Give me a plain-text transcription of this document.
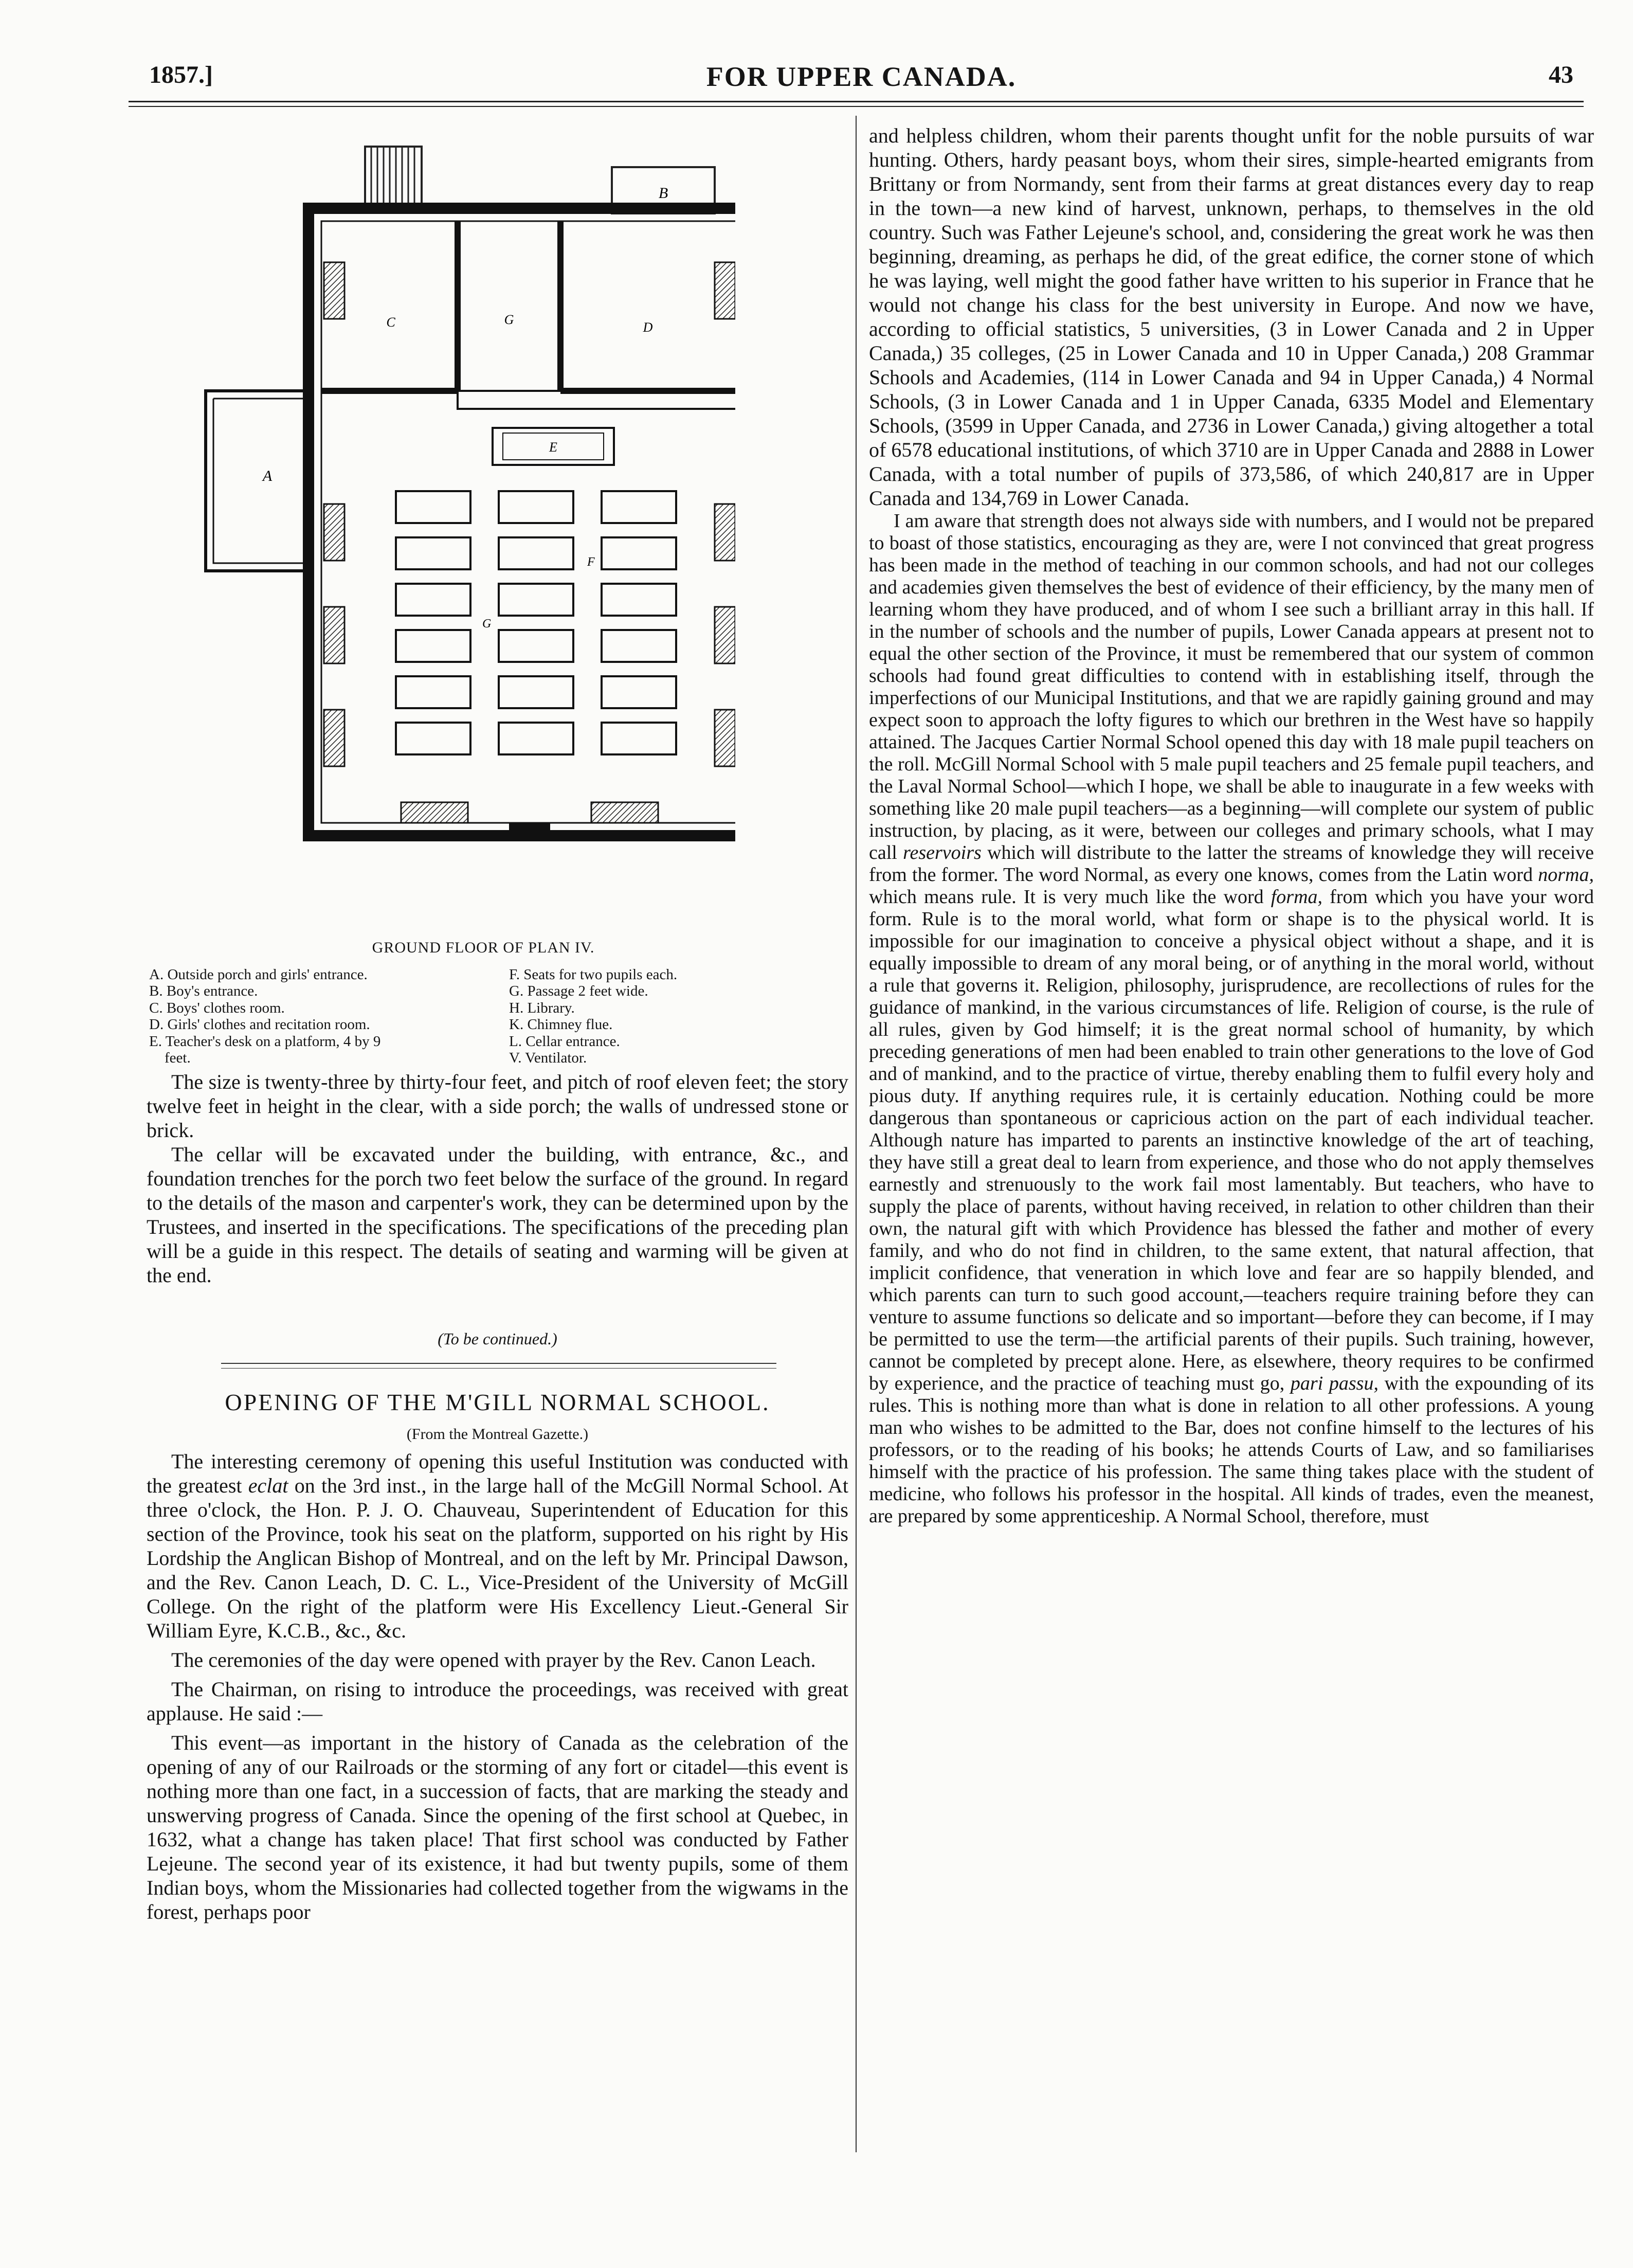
1857.]	FOR UPPER CANADA.	43
B
A
C	G
D
E
G
F
GROUND FLOOR OF PLAN IV.
A. Outside porch and girls' entrance.
B. Boy's entrance.
C. Boys' clothes room.
D. Girls' clothes and recitation room.
E. Teacher's desk on a platform, 4 by 9
feet.
F. Seats for two pupils each.
G. Passage 2 feet wide.
H. Library.
K. Chimney flue.
L. Cellar entrance.
V. Ventilator.

The size is twenty-three by thirty-four feet, and pitch of roof eleven feet; the story twelve feet in height in the clear, with a side porch; the walls of undressed stone or brick.

The cellar will be excavated under the building, with entrance, &c., and foundation trenches for the porch two feet below the surface of the ground. In regard to the details of the mason and carpenter's work, they can be determined upon by the Trustees, and inserted in the specifications. The specifications of the preceding plan will be a guide in this respect. The details of seating and warming will be given at the end.

(To be continued.)
OPENING OF THE M'GILL NORMAL SCHOOL.
(From the Montreal Gazette.)

The interesting ceremony of opening this useful Institution was conducted with the greatest eclat on the 3rd inst., in the large hall of the McGill Normal School. At three o'clock, the Hon. P. J. O. Chauveau, Superintendent of Education for this section of the Province, took his seat on the platform, supported on his right by His Lordship the Anglican Bishop of Montreal, and on the left by Mr. Principal Dawson, and the Rev. Canon Leach, D. C. L., Vice-President of the University of McGill College. On the right of the platform were His Excellency Lieut.-General Sir William Eyre, K.C.B., &c., &c.

The ceremonies of the day were opened with prayer by the Rev. Canon Leach.

The Chairman, on rising to introduce the proceedings, was received with great applause. He said :—

This event—as important in the history of Canada as the celebration of the opening of any of our Railroads or the storming of any fort or citadel—this event is nothing more than one fact, in a succession of facts, that are marking the steady and unswerving progress of Canada. Since the opening of the first school at Quebec, in 1632, what a change has taken place! That first school was conducted by Father Lejeune. The second year of its existence, it had but twenty pupils, some of them Indian boys, whom the Missionaries had collected together from the wigwams in the forest, perhaps poor

and helpless children, whom their parents thought unfit for the noble pursuits of war hunting. Others, hardy peasant boys, whom their sires, simple-hearted emigrants from Brittany or from Normandy, sent from their farms at great distances every day to reap in the town—a new kind of harvest, unknown, perhaps, to themselves in the old country. Such was Father Lejeune's school, and, considering the great work he was then beginning, dreaming, as perhaps he did, of the great edifice, the corner stone of which he was laying, well might the good father have written to his superior in France that he would not change his class for the best university in Europe. And now we have, according to official statistics, 5 universities, (3 in Lower Canada and 2 in Upper Canada,) 35 colleges, (25 in Lower Canada and 10 in Upper Canada,) 208 Grammar Schools and Academies, (114 in Lower Canada and 94 in Upper Canada,) 4 Normal Schools, (3 in Lower Canada and 1 in Upper Canada, 6335 Model and Elementary Schools, (3599 in Upper Canada, and 2736 in Lower Canada,) giving altogether a total of 6578 educational institutions, of which 3710 are in Upper Canada and 2888 in Lower Canada, with a total number of pupils of 373,586, of which 240,817 are in Upper Canada and 134,769 in Lower Canada.

I am aware that strength does not always side with numbers, and I would not be prepared to boast of those statistics, encouraging as they are, were I not convinced that great progress has been made in the method of teaching in our common schools, and had not our colleges and academies given themselves the best of evidence of their efficiency, by the many men of learning whom they have produced, and of whom I see such a brilliant array in this hall. If in the number of schools and the number of pupils, Lower Canada appears at present not to equal the other section of the Province, it must be remembered that our system of common schools had found great difficulties to contend with in establishing itself, through the imperfections of our Municipal Institutions, and that we are rapidly gaining ground and may expect soon to approach the lofty figures to which our brethren in the West have so happily attained. The Jacques Cartier Normal School opened this day with 18 male pupil teachers on the roll. McGill Normal School with 5 male pupil teachers and 25 female pupil teachers, and the Laval Normal School—which I hope, we shall be able to inaugurate in a few weeks with something like 20 male pupil teachers—as a beginning—will complete our system of public instruction, by placing, as it were, between our colleges and primary schools, what I may call reservoirs which will distribute to the latter the streams of knowledge they will receive from the former. The word Normal, as every one knows, comes from the Latin word norma, which means rule. It is very much like the word forma, from which you have your word form. Rule is to the moral world, what form or shape is to the physical world. It is impossible for our imagination to conceive a physical object without a shape, and it is equally impossible to dream of any moral being, or of anything in the moral world, without a rule that governs it. Religion, philosophy, jurisprudence, are recollections of rules for the guidance of mankind, in the various circumstances of life. Religion of course, is the rule of all rules, given by God himself; it is the great normal school of humanity, by which preceding generations of men had been enabled to train other generations to the love of God and of mankind, and to the practice of virtue, thereby enabling them to fulfil every holy and pious duty. If anything requires rule, it is certainly education. Nothing could be more dangerous than spontaneous or capricious action on the part of each individual teacher. Although nature has imparted to parents an instinctive knowledge of the art of teaching, they have still a great deal to learn from experience, and those who do not apply themselves earnestly and strenuously to the work fail most lamentably. But teachers, who have to supply the place of parents, without having received, in relation to other children than their own, the natural gift with which Providence has blessed the father and mother of every family, and who do not find in children, to the same extent, that natural affection, that implicit confidence, that veneration in which love and fear are so happily blended, and which parents can turn to such good account,—teachers require training before they can venture to assume functions so delicate and so important—before they can become, if I may be permitted to use the term—the artificial parents of their pupils. Such training, however, cannot be completed by precept alone. Here, as elsewhere, theory requires to be confirmed by experience, and the practice of teaching must go, pari passu, with the expounding of its rules. This is nothing more than what is done in relation to all other professions. A young man who wishes to be admitted to the Bar, does not confine himself to the lectures of his professors, or to the reading of his books; he attends Courts of Law, and so familiarises himself with the practice of his profession. The same thing takes place with the student of medicine, who follows his professor in the hospital. All kinds of trades, even the meanest, are prepared by some apprenticeship. A Normal School, therefore, must
